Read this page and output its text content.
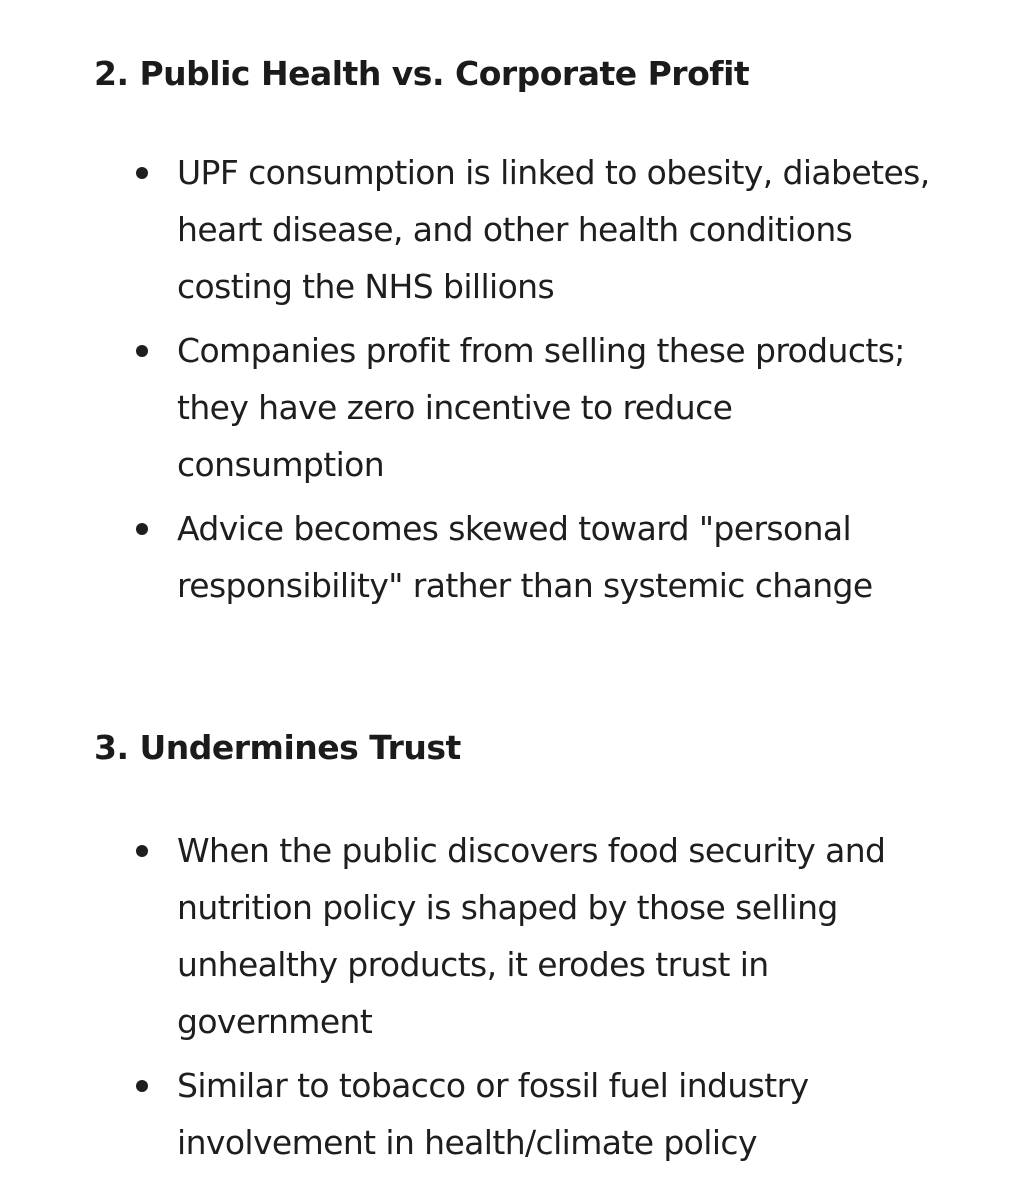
2. Public Health vs. Corporate Profit
UPF consumption is linked to obesity, diabetes, heart disease, and other health conditions costing the NHS billions
Companies profit from selling these products; they have zero incentive to reduce consumption
Advice becomes skewed toward "personal responsibility" rather than systemic change
3. Undermines Trust
When the public discovers food security and nutrition policy is shaped by those selling unhealthy products, it erodes trust in government
Similar to tobacco or fossil fuel industry involvement in health/climate policy
